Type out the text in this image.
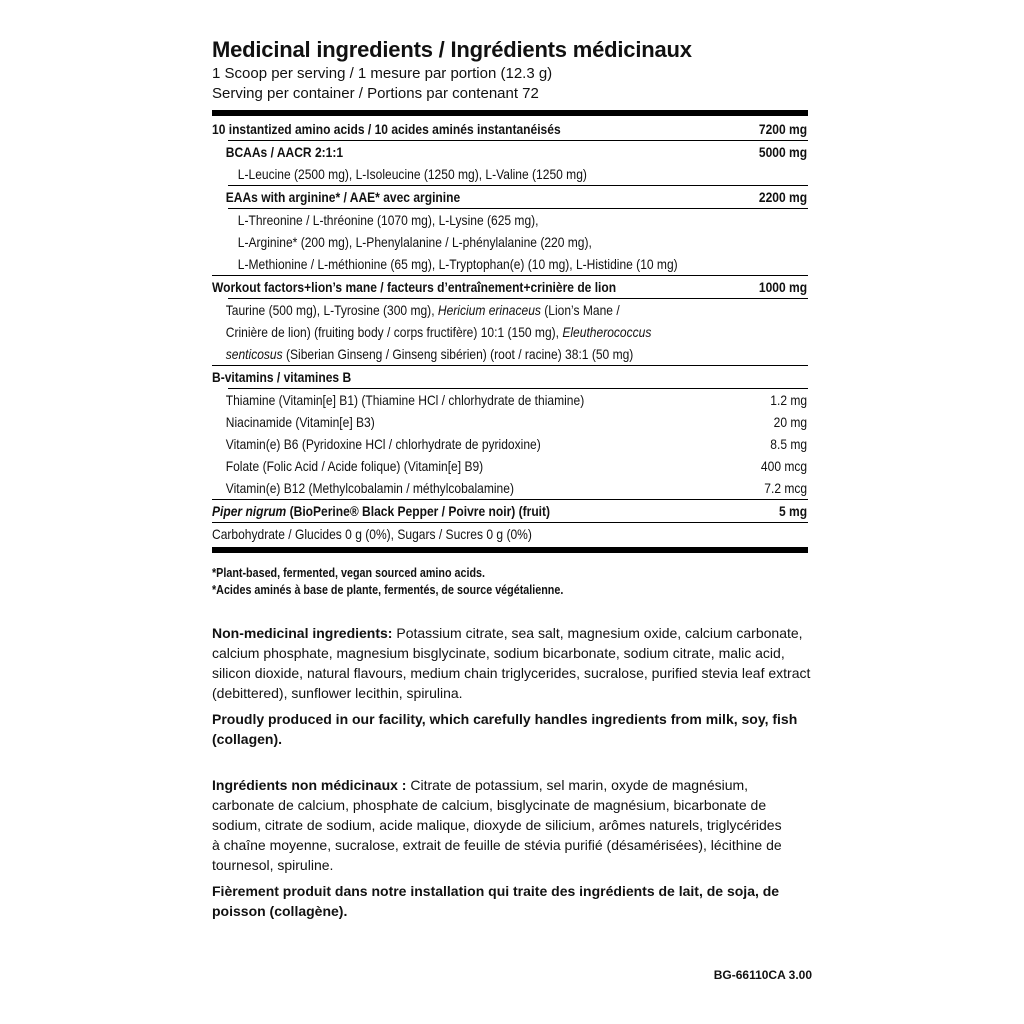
Medicinal ingredients / Ingrédients médicinaux
1 Scoop per serving / 1 mesure par portion (12.3 g)
Serving per container / Portions par contenant 72
10 instantized amino acids / 10 acides aminés instantanéisés	7200 mg
BCAAs / AACR 2:1:1	5000 mg
L-Leucine (2500 mg), L-Isoleucine (1250 mg), L-Valine (1250 mg)
EAAs with arginine* / AAE* avec arginine	2200 mg
L-Threonine / L-thréonine (1070 mg), L-Lysine (625 mg),
L-Arginine* (200 mg), L-Phenylalanine / L-phénylalanine (220 mg),
L-Methionine / L-méthionine (65 mg), L-Tryptophan(e) (10 mg), L-Histidine (10 mg)
Workout factors+lion’s mane / facteurs d’entraînement+crinière de lion	1000 mg
Taurine (500 mg), L-Tyrosine (300 mg), Hericium erinaceus (Lion’s Mane /
Crinière de lion) (fruiting body / corps fructifère) 10:1 (150 mg), Eleutherococcus
senticosus (Siberian Ginseng / Ginseng sibérien) (root / racine) 38:1 (50 mg)
B-vitamins / vitamines B
Thiamine (Vitamin[e] B1) (Thiamine HCl / chlorhydrate de thiamine)	1.2 mg
Niacinamide (Vitamin[e] B3)	20 mg
Vitamin(e) B6 (Pyridoxine HCl / chlorhydrate de pyridoxine)	8.5 mg
Folate (Folic Acid / Acide folique) (Vitamin[e] B9)	400 mcg
Vitamin(e) B12 (Methylcobalamin / méthylcobalamine)	7.2 mcg
Piper nigrum (BioPerine® Black Pepper / Poivre noir) (fruit)	5 mg
Carbohydrate / Glucides 0 g (0%), Sugars / Sucres 0 g (0%)
*Plant-based, fermented, vegan sourced amino acids.
*Acides aminés à base de plante, fermentés, de source végétalienne.
Non-medicinal ingredients: Potassium citrate, sea salt, magnesium oxide, calcium carbonate, calcium phosphate, magnesium bisglycinate, sodium bicarbonate, sodium citrate, malic acid, silicon dioxide, natural flavours, medium chain triglycerides, sucralose, purified stevia leaf extract (debittered), sunflower lecithin, spirulina.
Proudly produced in our facility, which carefully handles ingredients from milk, soy, fish (collagen).
Ingrédients non médicinaux : Citrate de potassium, sel marin, oxyde de magnésium, carbonate de calcium, phosphate de calcium, bisglycinate de magnésium, bicarbonate de sodium, citrate de sodium, acide malique, dioxyde de silicium, arômes naturels, triglycérides à chaîne moyenne, sucralose, extrait de feuille de stévia purifié (désamérisées), lécithine de tournesol, spiruline.
Fièrement produit dans notre installation qui traite des ingrédients de lait, de soja, de poisson (collagène).
BG-66110CA 3.00
